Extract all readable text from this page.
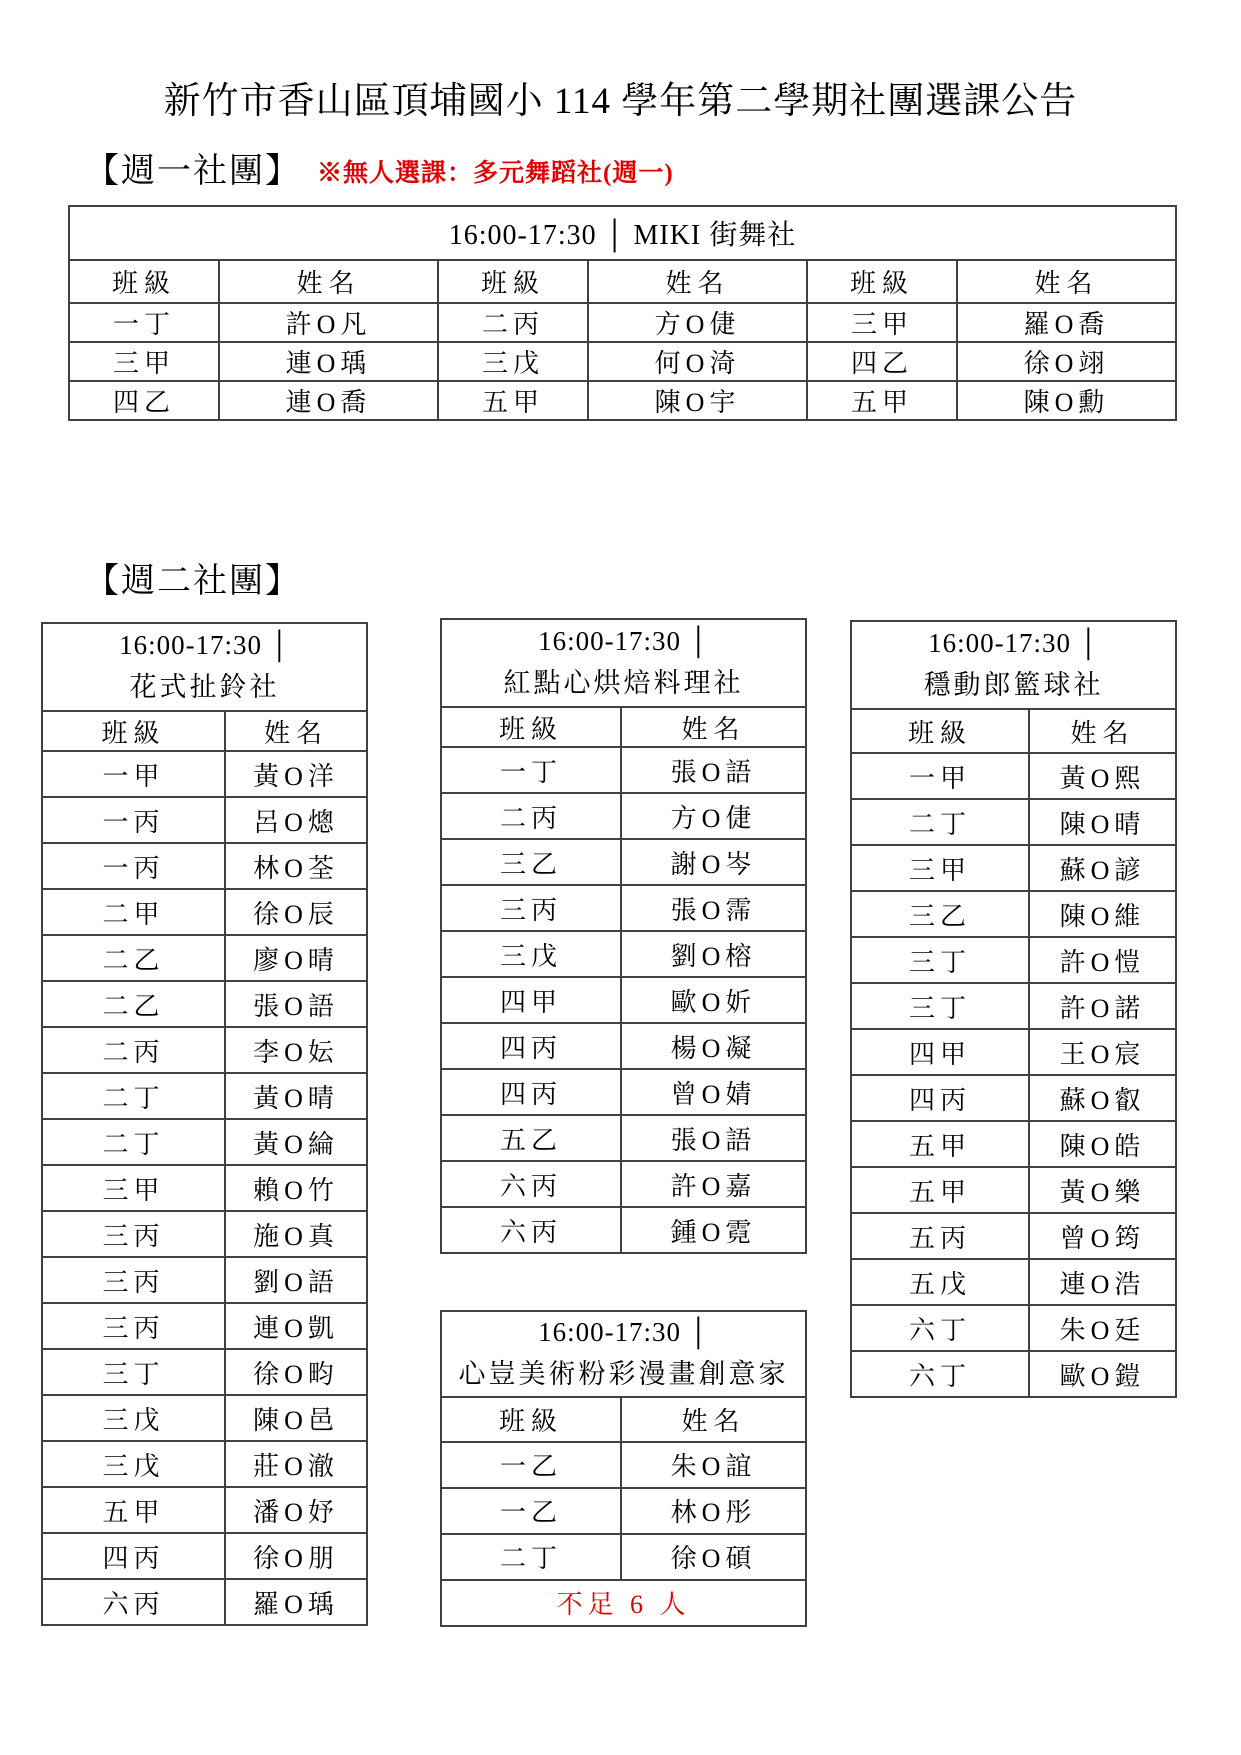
新竹市香山區頂埔國小 114 學年第二學期社團選課公告
【週一社團】 ※無人選課：多元舞蹈社(週一)
16:00-17:30 │ MIKI 街舞社					
班級	姓名	班級	姓名	班級	姓名
一丁	許O凡	二丙	方O倢	三甲	羅O喬
三甲	連O瑀	三戊	何O渏	四乙	徐O翊
四乙	連O喬	五甲	陳O宇	五甲	陳O勳
【週二社團】
16:00-17:30 │
花式扯鈴社	

班級	姓名
一甲	黃O洋
一丙	呂O熜
一丙	林O荃
二甲	徐O辰
二乙	廖O晴
二乙	張O語
二丙	李O妘
二丁	黃O晴
二丁	黃O綸
三甲	賴O竹
三丙	施O真
三丙	劉O語
三丙	連O凱
三丁	徐O畇
三戊	陳O邑
三戊	莊O澈
五甲	潘O妤
四丙	徐O朋
六丙	羅O瑀
16:00-17:30 │
紅點心烘焙料理社	

班級	姓名
一丁	張O語
二丙	方O倢
三乙	謝O岑
三丙	張O霈
三戊	劉O榕
四甲	歐O妡
四丙	楊O凝
四丙	曾O婧
五乙	張O語
六丙	許O嘉
六丙	鍾O霓
16:00-17:30 │
心豈美術粉彩漫畫創意家	

班級	姓名
一乙	朱O誼
一乙	林O彤
二丁	徐O碩
不足 6 人	
16:00-17:30 │
穩動郎籃球社	

班級	姓名
一甲	黃O熙
二丁	陳O晴
三甲	蘇O諺
三乙	陳O維
三丁	許O愷
三丁	許O諾
四甲	王O宸
四丙	蘇O叡
五甲	陳O皓
五甲	黃O樂
五丙	曾O筠
五戊	連O浩
六丁	朱O廷
六丁	歐O鎧
